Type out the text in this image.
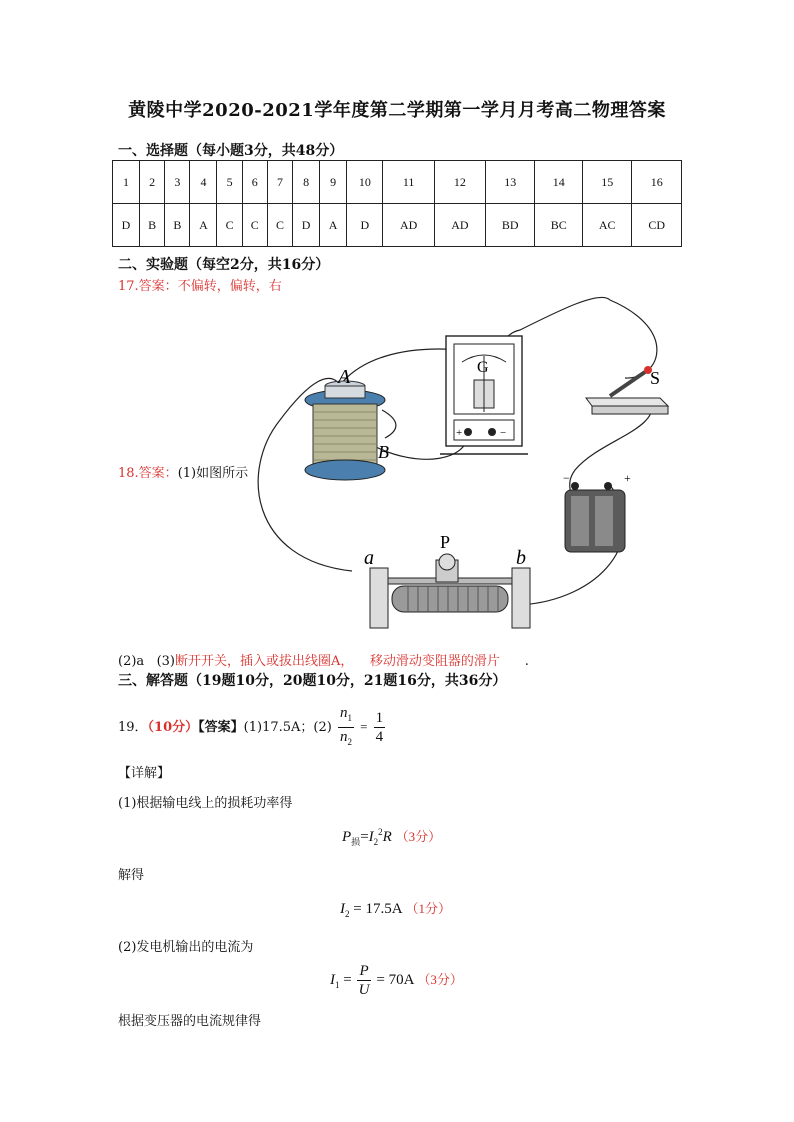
黄陵中学2020-2021学年度第二学期第一学月月考高二物理答案
一、选择题（每小题3分，共48分）
1	2	3	4	5	6	7	8	9	10	11	12	13	14	15	16
D	B	B	A	C	C	C	D	A	D	AD	AD	BD	BC	AC	CD
二、实验题（每空2分，共16分）
17.答案：不偏转，偏转，右
18.答案：(1)如图所示
A
B
+	−
G
S
−	+
P
a	b
(2)a (3)断开开关，插入或拔出线圈A， 移动滑动变阻器的滑片 .
三、解答题（19题10分，20题10分，21题16分，共36分）
19．（10分）【答案】(1)17.5A；$(2) \frac{n_1}{n_2} = \frac{1}{4}$
【详解】
(1)根据输电线上的损耗功率得
$P_损=I_2^2R$ （3分）
解得
$I_2 = 17.5A$ （1分）
(2)发电机输出的电流为
$I_1 = \frac{P}{U} = 70A$ （3分）
根据变压器的电流规律得
